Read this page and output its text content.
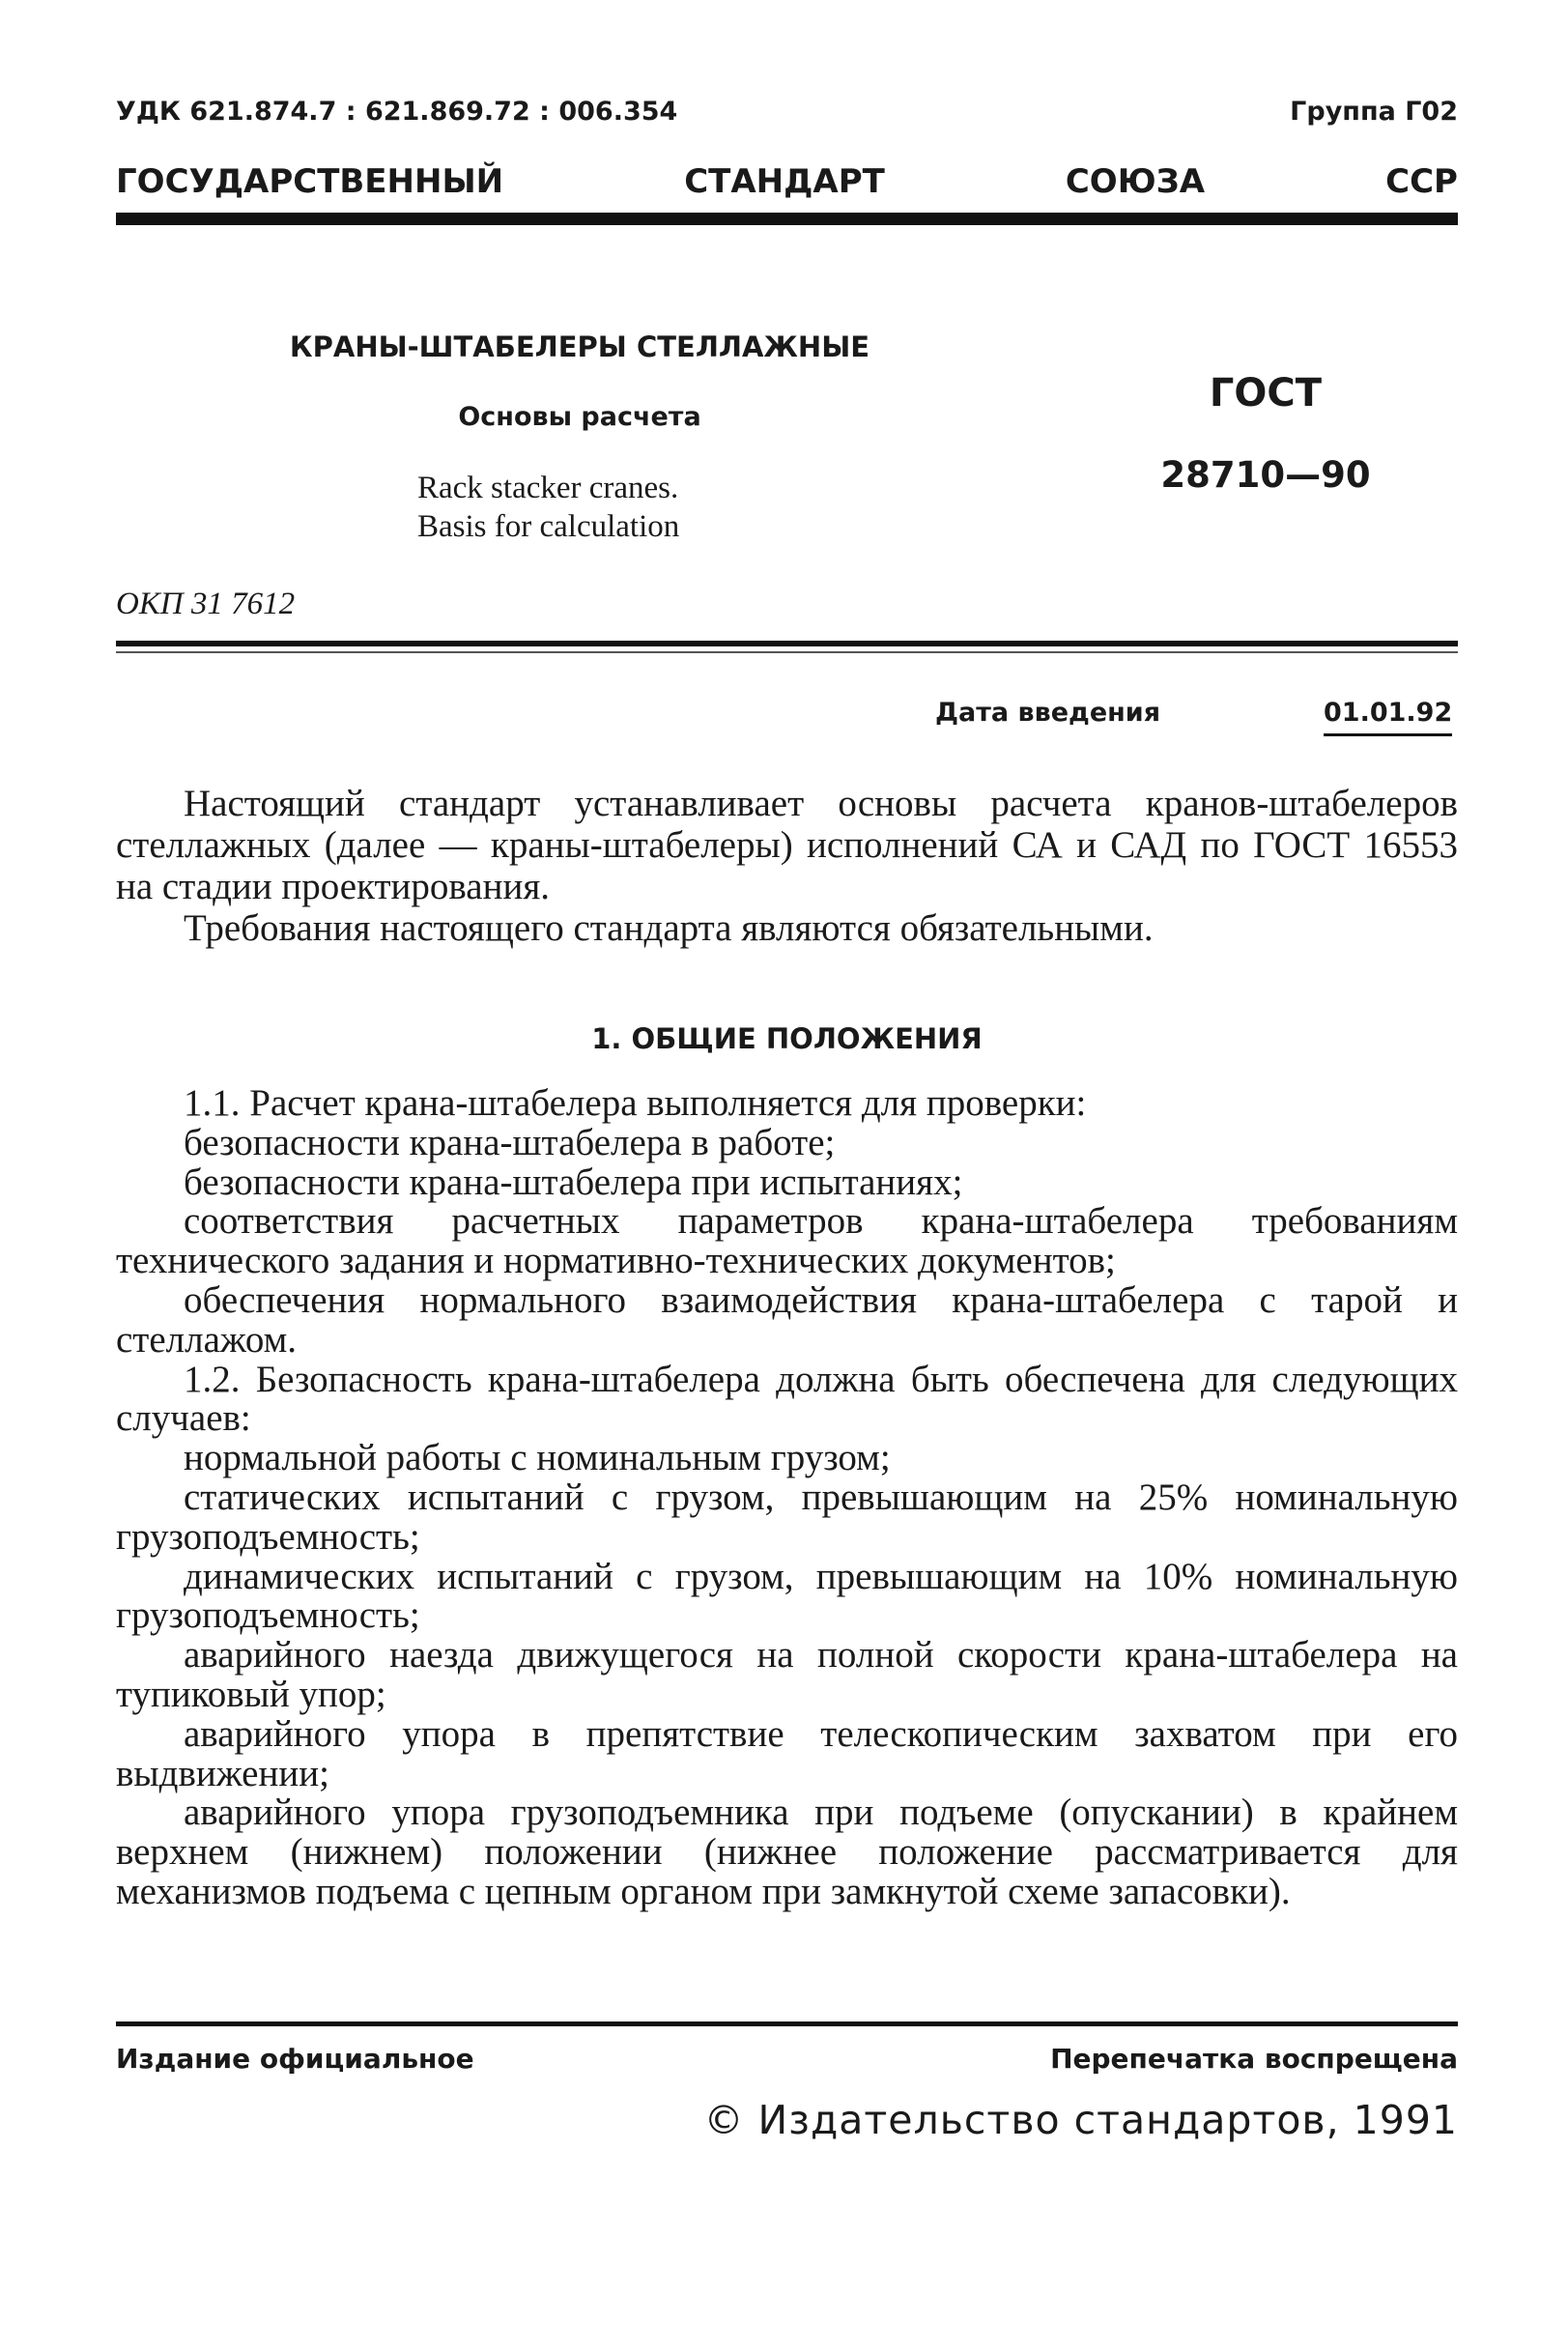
УДК 621.874.7 : 621.869.72 : 006.354	Группа Г02
ГОСУДАРСТВЕННЫЙ	СТАНДАРТ	СОЮЗА	ССР
КРАНЫ-ШТАБЕЛЕРЫ СТЕЛЛАЖНЫЕ
Основы расчета
Rack stacker cranes.
Basis for calculation
ГОСТ
28710—90
ОКП 31 7612
Дата введения	01.01.92

Настоящий стандарт устанавливает основы расчета кранов-штабелеров стеллажных (далее — краны-штабелеры) исполнений СА и САД по ГОСТ 16553 на стадии проектирования.

Требования настоящего стандарта являются обязательными.

1. ОБЩИЕ ПОЛОЖЕНИЯ

1.1. Расчет крана-штабелера выполняется для проверки:

безопасности крана-штабелера в работе;

безопасности крана-штабелера при испытаниях;

соответствия расчетных параметров крана-штабелера требованиям технического задания и нормативно-технических документов;

обеспечения нормального взаимодействия крана-штабелера с тарой и стеллажом.

1.2. Безопасность крана-штабелера должна быть обеспечена для следующих случаев:

нормальной работы с номинальным грузом;

статических испытаний с грузом, превышающим на 25% номинальную грузоподъемность;

динамических испытаний с грузом, превышающим на 10% номинальную грузоподъемность;

аварийного наезда движущегося на полной скорости крана-штабелера на тупиковый упор;

аварийного упора в препятствие телескопическим захватом при его выдвижении;

аварийного упора грузоподъемника при подъеме (опускании) в крайнем верхнем (нижнем) положении (нижнее положение рассматривается для механизмов подъема с цепным органом при замкнутой схеме запасовки).

Издание официальное	Перепечатка воспрещена
© Издательство стандартов, 1991
